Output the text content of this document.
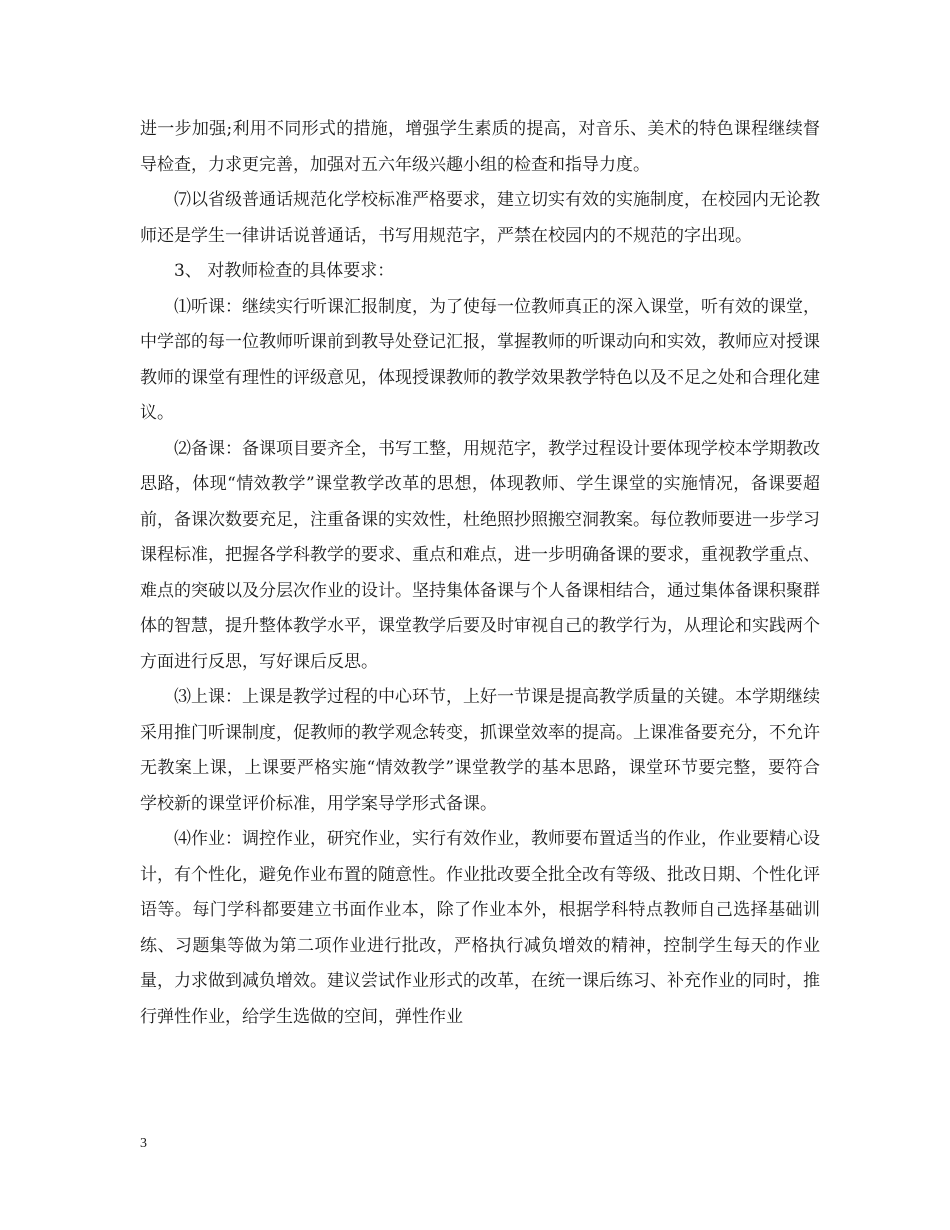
进一步加强;利用不同形式的措施，增强学生素质的提高，对音乐、美术的特色课程继续督导检查，力求更完善，加强对五六年级兴趣小组的检查和指导力度。

⑺以省级普通话规范化学校标准严格要求，建立切实有效的实施制度，在校园内无论教师还是学生一律讲话说普通话，书写用规范字，严禁在校园内的不规范的字出现。

3、 对教师检查的具体要求：

⑴听课：继续实行听课汇报制度，为了使每一位教师真正的深入课堂，听有效的课堂，中学部的每一位教师听课前到教导处登记汇报，掌握教师的听课动向和实效，教师应对授课教师的课堂有理性的评级意见，体现授课教师的教学效果教学特色以及不足之处和合理化建议。

⑵备课：备课项目要齐全，书写工整，用规范字，教学过程设计要体现学校本学期教改思路，体现“情效教学”课堂教学改革的思想，体现教师、学生课堂的实施情况，备课要超前，备课次数要充足，注重备课的实效性，杜绝照抄照搬空洞教案。每位教师要进一步学习课程标准，把握各学科教学的要求、重点和难点，进一步明确备课的要求，重视教学重点、难点的突破以及分层次作业的设计。坚持集体备课与个人备课相结合，通过集体备课积聚群体的智慧，提升整体教学水平，课堂教学后要及时审视自己的教学行为，从理论和实践两个方面进行反思，写好课后反思。

⑶上课：上课是教学过程的中心环节，上好一节课是提高教学质量的关键。本学期继续采用推门听课制度，促教师的教学观念转变，抓课堂效率的提高。上课准备要充分，不允许无教案上课，上课要严格实施“情效教学”课堂教学的基本思路，课堂环节要完整，要符合学校新的课堂评价标准，用学案导学形式备课。

⑷作业：调控作业，研究作业，实行有效作业，教师要布置适当的作业，作业要精心设计，有个性化，避免作业布置的随意性。作业批改要全批全改有等级、批改日期、个性化评语等。每门学科都要建立书面作业本，除了作业本外，根据学科特点教师自己选择基础训练、习题集等做为第二项作业进行批改，严格执行减负增效的精神，控制学生每天的作业量，力求做到减负增效。建议尝试作业形式的改革，在统一课后练习、补充作业的同时，推行弹性作业，给学生选做的空间，弹性作业

3
